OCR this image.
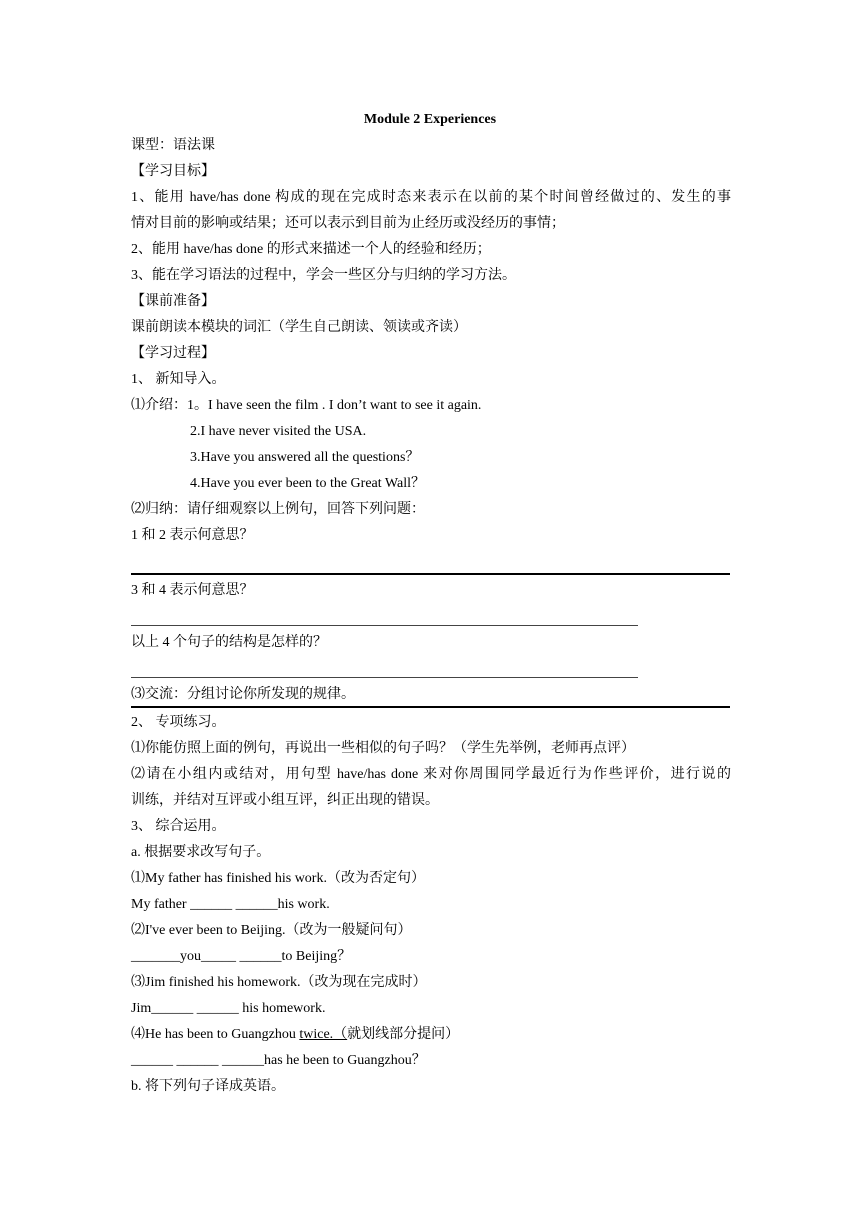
Module 2 Experiences
课型：语法课
【学习目标】
1、能用 have/has done 构成的现在完成时态来表示在以前的某个时间曾经做过的、发生的事
情对目前的影响或结果；还可以表示到目前为止经历或没经历的事情；
2、能用 have/has done 的形式来描述一个人的经验和经历；
3、能在学习语法的过程中，学会一些区分与归纳的学习方法。
【课前准备】
课前朗读本模块的词汇（学生自己朗读、领读或齐读）
【学习过程】
1、 新知导入。
⑴介绍：1。I have seen the film . I don’t want to see it again.
2.I have never visited the USA.
3.Have you answered all the questions？
4.Have you ever been to the Great Wall？
⑵归纳：请仔细观察以上例句，回答下列问题：
1 和 2 表示何意思？
3 和 4 表示何意思？
以上 4 个句子的结构是怎样的？
⑶交流：分组讨论你所发现的规律。
2、 专项练习。
⑴你能仿照上面的例句，再说出一些相似的句子吗？（学生先举例，老师再点评）
⑵请在小组内或结对，用句型 have/has done 来对你周围同学最近行为作些评价，进行说的
训练，并结对互评或小组互评，纠正出现的错误。
3、 综合运用。
a. 根据要求改写句子。
⑴My father has finished his work.（改为否定句）
My father ______ ______his work.
⑵I've ever been to Beijing.（改为一般疑问句）
_______you_____ ______to Beijing？
⑶Jim finished his homework.（改为现在完成时）
Jim______ ______ his homework.
⑷He has been to Guangzhou twice.（就划线部分提问）
______ ______ ______has he been to Guangzhou？
b. 将下列句子译成英语。
